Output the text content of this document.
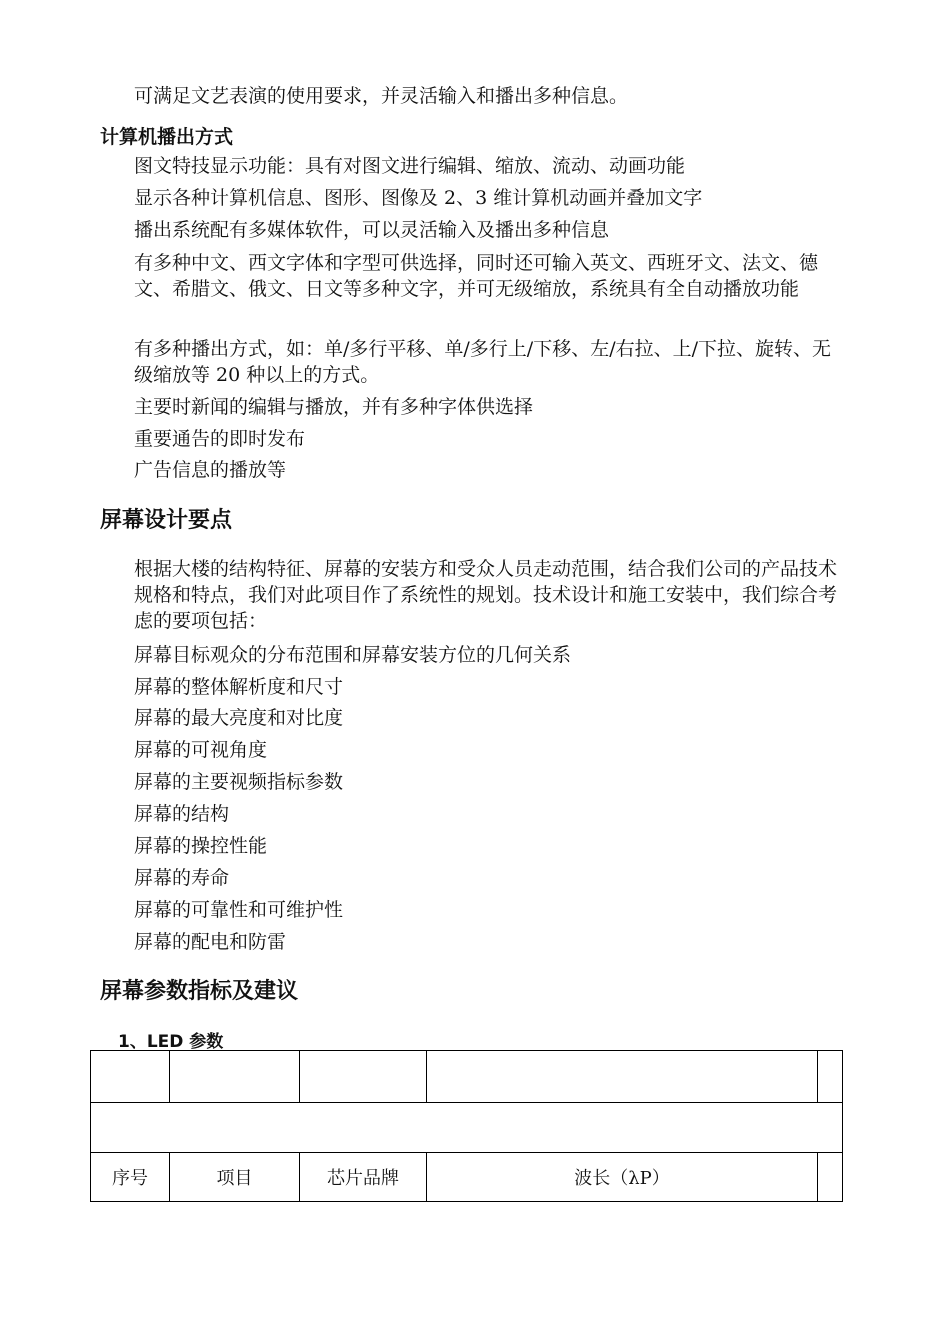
可满足文艺表演的使用要求，并灵活输入和播出多种信息。
计算机播出方式
图文特技显示功能：具有对图文进行编辑、缩放、流动、动画功能
显示各种计算机信息、图形、图像及 2、3 维计算机动画并叠加文字
播出系统配有多媒体软件，可以灵活输入及播出多种信息
有多种中文、西文字体和字型可供选择，同时还可输入英文、西班牙文、法文、德文、希腊文、俄文、日文等多种文字，并可无级缩放，系统具有全自动播放功能
有多种播出方式，如：单/多行平移、单/多行上/下移、左/右拉、上/下拉、旋转、无级缩放等 20 种以上的方式。
主要时新闻的编辑与播放，并有多种字体供选择
重要通告的即时发布
广告信息的播放等
屏幕设计要点
根据大楼的结构特征、屏幕的安装方和受众人员走动范围，结合我们公司的产品技术规格和特点，我们对此项目作了系统性的规划。技术设计和施工安装中，我们综合考虑的要项包括：
屏幕目标观众的分布范围和屏幕安装方位的几何关系
屏幕的整体解析度和尺寸
屏幕的最大亮度和对比度
屏幕的可视角度
屏幕的主要视频指标参数
屏幕的结构
屏幕的操控性能
屏幕的寿命
屏幕的可靠性和可维护性
屏幕的配电和防雷
屏幕参数指标及建议
1、LED 参数

序号	项目	芯片品牌	波长（λP）	
